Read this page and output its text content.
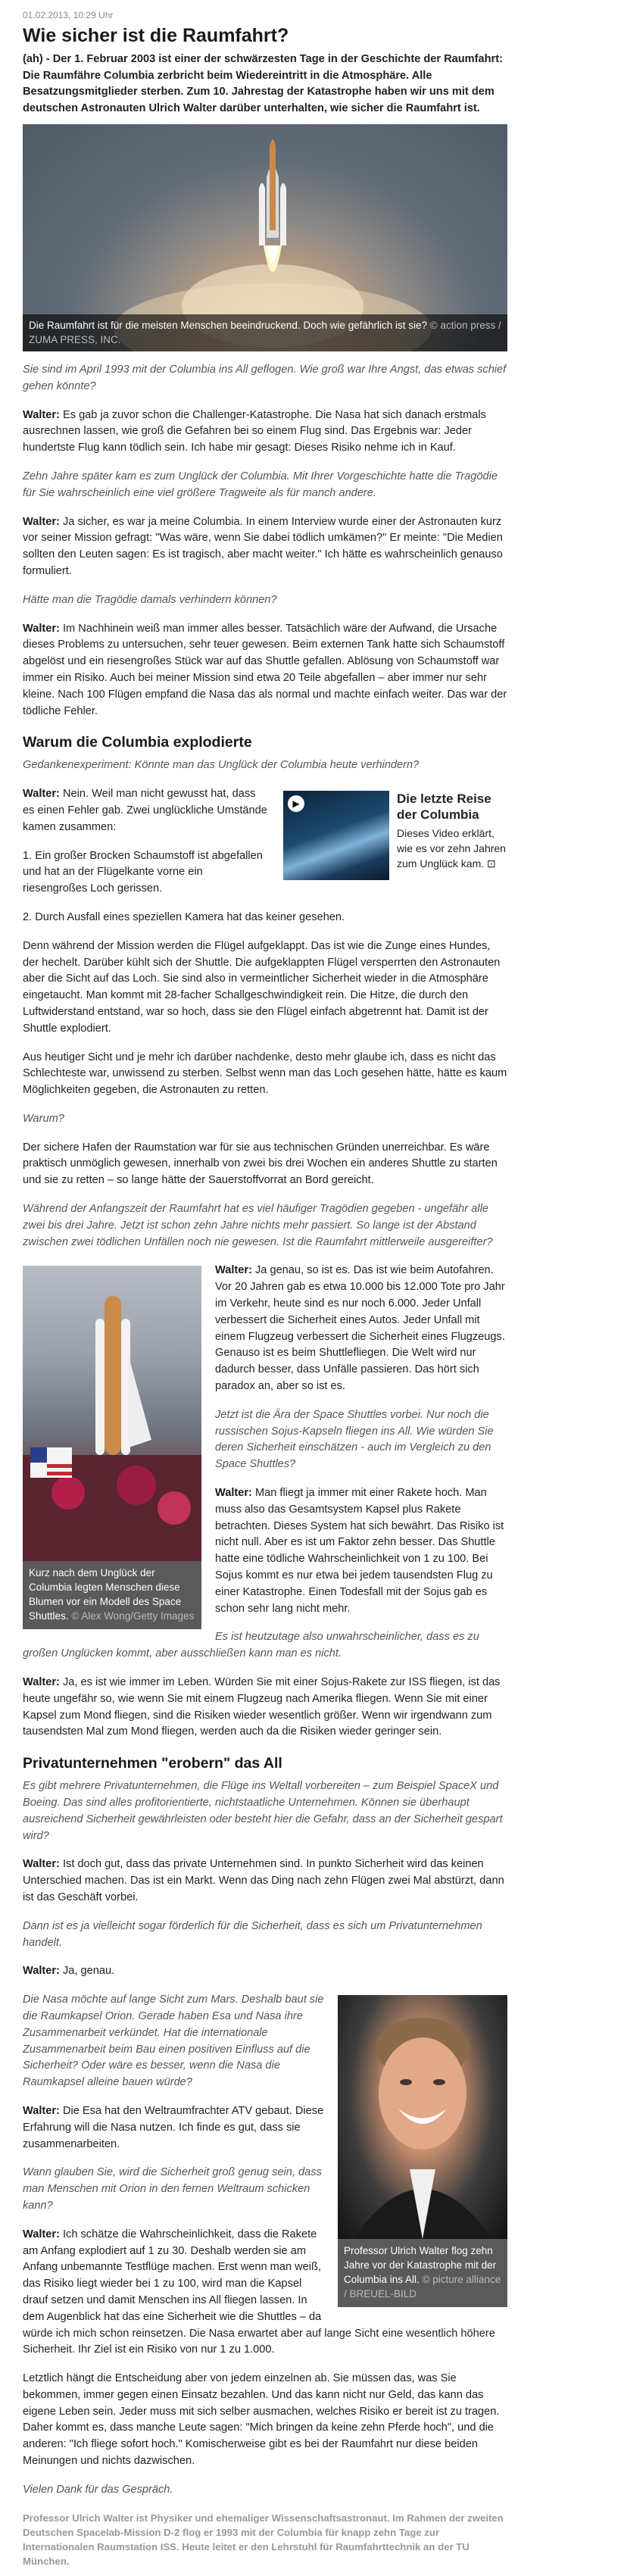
01.02.2013, 10:29 Uhr
Wie sicher ist die Raumfahrt?

(ah) - Der 1. Februar 2003 ist einer der schwärzesten Tage in der Geschichte der Raumfahrt: Die Raumfähre Columbia zerbricht beim Wiedereintritt in die Atmosphäre. Alle Besatzungsmitglieder sterben. Zum 10. Jahrestag der Katastrophe haben wir uns mit dem deutschen Astronauten Ulrich Walter darüber unterhalten, wie sicher die Raumfahrt ist.

Die Raumfahrt ist für die meisten Menschen beeindruckend. Doch wie gefährlich ist sie? © action press / ZUMA PRESS, INC.

Sie sind im April 1993 mit der Columbia ins All geflogen. Wie groß war Ihre Angst, das etwas schief gehen könnte?

Walter: Es gab ja zuvor schon die Challenger-Katastrophe. Die Nasa hat sich danach erstmals ausrechnen lassen, wie groß die Gefahren bei so einem Flug sind. Das Ergebnis war: Jeder hundertste Flug kann tödlich sein. Ich habe mir gesagt: Dieses Risiko nehme ich in Kauf.

Zehn Jahre später kam es zum Unglück der Columbia. Mit Ihrer Vorgeschichte hatte die Tragödie für Sie wahrscheinlich eine viel größere Tragweite als für manch andere.

Walter: Ja sicher, es war ja meine Columbia. In einem Interview wurde einer der Astronauten kurz vor seiner Mission gefragt: "Was wäre, wenn Sie dabei tödlich umkämen?" Er meinte: "Die Medien sollten den Leuten sagen: Es ist tragisch, aber macht weiter." Ich hätte es wahrscheinlich genauso formuliert.

Hätte man die Tragödie damals verhindern können?

Walter: Im Nachhinein weiß man immer alles besser. Tatsächlich wäre der Aufwand, die Ursache dieses Problems zu untersuchen, sehr teuer gewesen. Beim externen Tank hatte sich Schaumstoff abgelöst und ein riesengroßes Stück war auf das Shuttle gefallen. Ablösung von Schaumstoff war immer ein Risiko. Auch bei meiner Mission sind etwa 20 Teile abgefallen – aber immer nur sehr kleine. Nach 100 Flügen empfand die Nasa das als normal und machte einfach weiter. Das war der tödliche Fehler.

Warum die Columbia explodierte

Gedankenexperiment: Könnte man das Unglück der Columbia heute verhindern?

▶	Die letzte Reise der Columbia
Dieses Video erklärt, wie es vor zehn Jahren zum Unglück kam. ⊡

Walter: Nein. Weil man nicht gewusst hat, dass es einen Fehler gab. Zwei unglückliche Umstände kamen zusammen:

1. Ein großer Brocken Schaumstoff ist abgefallen und hat an der Flügelkante vorne ein riesengroßes Loch gerissen.

2. Durch Ausfall eines speziellen Kamera hat das keiner gesehen.

Denn während der Mission werden die Flügel aufgeklappt. Das ist wie die Zunge eines Hundes, der hechelt. Darüber kühlt sich der Shuttle. Die aufgeklappten Flügel versperrten den Astronauten aber die Sicht auf das Loch. Sie sind also in vermeintlicher Sicherheit wieder in die Atmosphäre eingetaucht. Man kommt mit 28-facher Schallgeschwindigkeit rein. Die Hitze, die durch den Luftwiderstand entstand, war so hoch, dass sie den Flügel einfach abgetrennt hat. Damit ist der Shuttle explodiert.

Aus heutiger Sicht und je mehr ich darüber nachdenke, desto mehr glaube ich, dass es nicht das Schlechteste war, unwissend zu sterben. Selbst wenn man das Loch gesehen hätte, hätte es kaum Möglichkeiten gegeben, die Astronauten zu retten.

Warum?

Der sichere Hafen der Raumstation war für sie aus technischen Gründen unerreichbar. Es wäre praktisch unmöglich gewesen, innerhalb von zwei bis drei Wochen ein anderes Shuttle zu starten und sie zu retten – so lange hätte der Sauerstoffvorrat an Bord gereicht.

Während der Anfangszeit der Raumfahrt hat es viel häufiger Tragödien gegeben - ungefähr alle zwei bis drei Jahre. Jetzt ist schon zehn Jahre nichts mehr passiert. So lange ist der Abstand zwischen zwei tödlichen Unfällen noch nie gewesen. Ist die Raumfahrt mittlerweile ausgereifter?

Kurz nach dem Unglück der Columbia legten Menschen diese Blumen vor ein Modell des Space Shuttles. © Alex Wong/Getty Images

Walter: Ja genau, so ist es. Das ist wie beim Autofahren. Vor 20 Jahren gab es etwa 10.000 bis 12.000 Tote pro Jahr im Verkehr, heute sind es nur noch 6.000. Jeder Unfall verbessert die Sicherheit eines Autos. Jeder Unfall mit einem Flugzeug verbessert die Sicherheit eines Flugzeugs. Genauso ist es beim Shuttlefliegen. Die Welt wird nur dadurch besser, dass Unfälle passieren. Das hört sich paradox an, aber so ist es.

Jetzt ist die Ära der Space Shuttles vorbei. Nur noch die russischen Sojus-Kapseln fliegen ins All. Wie würden Sie deren Sicherheit einschätzen - auch im Vergleich zu den Space Shuttles?

Walter: Man fliegt ja immer mit einer Rakete hoch. Man muss also das Gesamtsystem Kapsel plus Rakete betrachten. Dieses System hat sich bewährt. Das Risiko ist nicht null. Aber es ist um Faktor zehn besser. Das Shuttle hatte eine tödliche Wahrscheinlichkeit von 1 zu 100. Bei Sojus kommt es nur etwa bei jedem tausendsten Flug zu einer Katastrophe. Einen Todesfall mit der Sojus gab es schon sehr lang nicht mehr.

Es ist heutzutage also unwahrscheinlicher, dass es zu großen Unglücken kommt, aber ausschließen kann man es nicht.

Walter: Ja, es ist wie immer im Leben. Würden Sie mit einer Sojus-Rakete zur ISS fliegen, ist das heute ungefähr so, wie wenn Sie mit einem Flugzeug nach Amerika fliegen. Wenn Sie mit einer Kapsel zum Mond fliegen, sind die Risiken wieder wesentlich größer. Wenn wir irgendwann zum tausendsten Mal zum Mond fliegen, werden auch da die Risiken wieder geringer sein.

Privatunternehmen "erobern" das All

Es gibt mehrere Privatunternehmen, die Flüge ins Weltall vorbereiten – zum Beispiel SpaceX und Boeing. Das sind alles profitorientierte, nichtstaatliche Unternehmen. Können sie überhaupt ausreichend Sicherheit gewährleisten oder besteht hier die Gefahr, dass an der Sicherheit gespart wird?

Walter: Ist doch gut, dass das private Unternehmen sind. In punkto Sicherheit wird das keinen Unterschied machen. Das ist ein Markt. Wenn das Ding nach zehn Flügen zwei Mal abstürzt, dann ist das Geschäft vorbei.

Dann ist es ja vielleicht sogar förderlich für die Sicherheit, dass es sich um Privatunternehmen handelt.

Walter: Ja, genau.

Professor Ulrich Walter flog zehn Jahre vor der Katastrophe mit der Columbia ins All. © picture alliance / BREUEL-BILD

Die Nasa möchte auf lange Sicht zum Mars. Deshalb baut sie die Raumkapsel Orion. Gerade haben Esa und Nasa ihre Zusammenarbeit verkündet. Hat die internationale Zusammenarbeit beim Bau einen positiven Einfluss auf die Sicherheit? Oder wäre es besser, wenn die Nasa die Raumkapsel alleine bauen würde?

Walter: Die Esa hat den Weltraumfrachter ATV gebaut. Diese Erfahrung will die Nasa nutzen. Ich finde es gut, dass sie zusammenarbeiten.

Wann glauben Sie, wird die Sicherheit groß genug sein, dass man Menschen mit Orion in den fernen Weltraum schicken kann?

Walter: Ich schätze die Wahrscheinlichkeit, dass die Rakete am Anfang explodiert auf 1 zu 30. Deshalb werden sie am Anfang unbemannte Testflüge machen. Erst wenn man weiß, das Risiko liegt wieder bei 1 zu 100, wird man die Kapsel drauf setzen und damit Menschen ins All fliegen lassen. In dem Augenblick hat das eine Sicherheit wie die Shuttles – da würde ich mich schon reinsetzen. Die Nasa erwartet aber auf lange Sicht eine wesentlich höhere Sicherheit. Ihr Ziel ist ein Risiko von nur 1 zu 1.000.

Letztlich hängt die Entscheidung aber von jedem einzelnen ab. Sie müssen das, was Sie bekommen, immer gegen einen Einsatz bezahlen. Und das kann nicht nur Geld, das kann das eigene Leben sein. Jeder muss mit sich selber ausmachen, welches Risiko er bereit ist zu tragen. Daher kommt es, dass manche Leute sagen: "Mich bringen da keine zehn Pferde hoch", und die anderen: "Ich fliege sofort hoch." Komischerweise gibt es bei der Raumfahrt nur diese beiden Meinungen und nichts dazwischen.

Vielen Dank für das Gespräch.

Professor Ulrich Walter ist Physiker und ehemaliger Wissenschaftsastronaut. Im Rahmen der zweiten Deutschen Spacelab-Mission D-2 flog er 1993 mit der Columbia für knapp zehn Tage zur Internationalen Raumstation ISS. Heute leitet er den Lehrstuhl für Raumfahrttechnik an der TU München.
